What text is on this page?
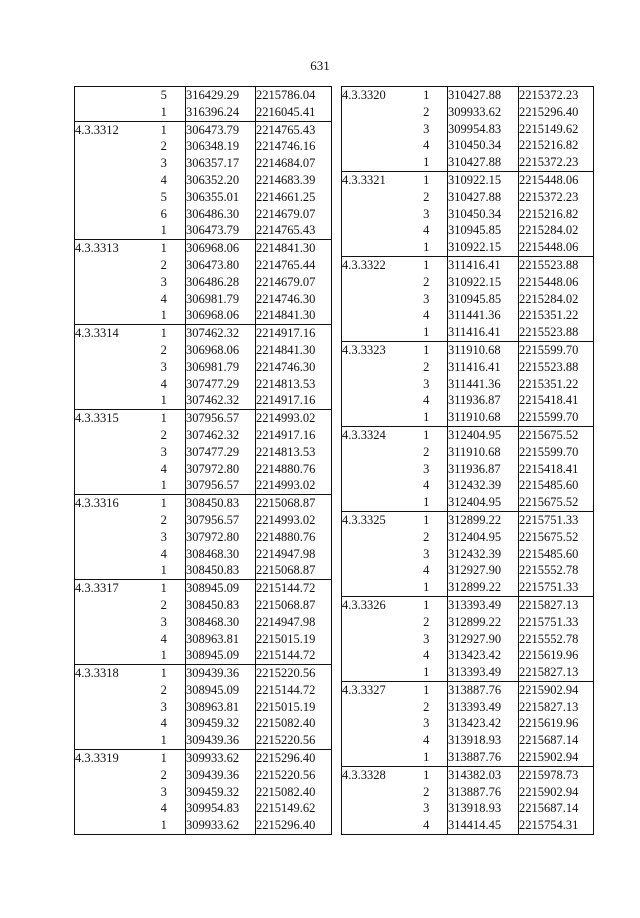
631
	5	316429.29	2215786.04
	1	316396.24	2216045.41
4.3.3312	1	306473.79	2214765.43
	2	306348.19	2214746.16
	3	306357.17	2214684.07
	4	306352.20	2214683.39
	5	306355.01	2214661.25
	6	306486.30	2214679.07
	1	306473.79	2214765.43
4.3.3313	1	306968.06	2214841.30
	2	306473.80	2214765.44
	3	306486.28	2214679.07
	4	306981.79	2214746.30
	1	306968.06	2214841.30
4.3.3314	1	307462.32	2214917.16
	2	306968.06	2214841.30
	3	306981.79	2214746.30
	4	307477.29	2214813.53
	1	307462.32	2214917.16
4.3.3315	1	307956.57	2214993.02
	2	307462.32	2214917.16
	3	307477.29	2214813.53
	4	307972.80	2214880.76
	1	307956.57	2214993.02
4.3.3316	1	308450.83	2215068.87
	2	307956.57	2214993.02
	3	307972.80	2214880.76
	4	308468.30	2214947.98
	1	308450.83	2215068.87
4.3.3317	1	308945.09	2215144.72
	2	308450.83	2215068.87
	3	308468.30	2214947.98
	4	308963.81	2215015.19
	1	308945.09	2215144.72
4.3.3318	1	309439.36	2215220.56
	2	308945.09	2215144.72
	3	308963.81	2215015.19
	4	309459.32	2215082.40
	1	309439.36	2215220.56
4.3.3319	1	309933.62	2215296.40
	2	309439.36	2215220.56
	3	309459.32	2215082.40
	4	309954.83	2215149.62
	1	309933.62	2215296.40
4.3.3320	1	310427.88	2215372.23
	2	309933.62	2215296.40
	3	309954.83	2215149.62
	4	310450.34	2215216.82
	1	310427.88	2215372.23
4.3.3321	1	310922.15	2215448.06
	2	310427.88	2215372.23
	3	310450.34	2215216.82
	4	310945.85	2215284.02
	1	310922.15	2215448.06
4.3.3322	1	311416.41	2215523.88
	2	310922.15	2215448.06
	3	310945.85	2215284.02
	4	311441.36	2215351.22
	1	311416.41	2215523.88
4.3.3323	1	311910.68	2215599.70
	2	311416.41	2215523.88
	3	311441.36	2215351.22
	4	311936.87	2215418.41
	1	311910.68	2215599.70
4.3.3324	1	312404.95	2215675.52
	2	311910.68	2215599.70
	3	311936.87	2215418.41
	4	312432.39	2215485.60
	1	312404.95	2215675.52
4.3.3325	1	312899.22	2215751.33
	2	312404.95	2215675.52
	3	312432.39	2215485.60
	4	312927.90	2215552.78
	1	312899.22	2215751.33
4.3.3326	1	313393.49	2215827.13
	2	312899.22	2215751.33
	3	312927.90	2215552.78
	4	313423.42	2215619.96
	1	313393.49	2215827.13
4.3.3327	1	313887.76	2215902.94
	2	313393.49	2215827.13
	3	313423.42	2215619.96
	4	313918.93	2215687.14
	1	313887.76	2215902.94
4.3.3328	1	314382.03	2215978.73
	2	313887.76	2215902.94
	3	313918.93	2215687.14
	4	314414.45	2215754.31
